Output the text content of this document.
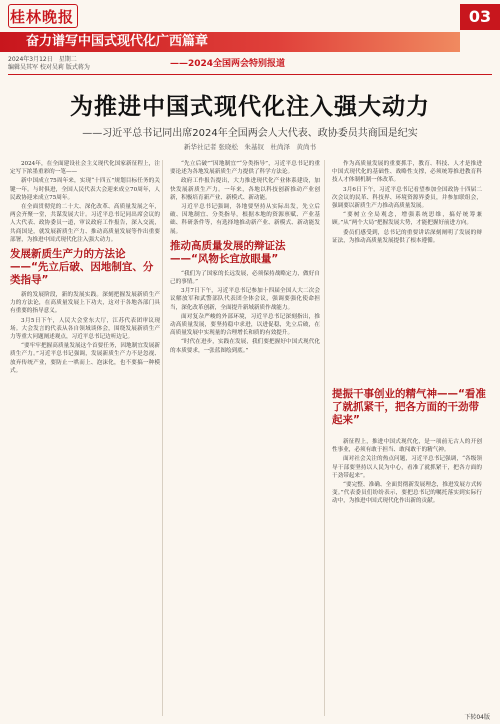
桂林晚报	03
奋力谱写中国式现代化广西篇章
——2024全国两会特别报道
2024年3月12日　星期二
编辑吴其军 校对吴莉 版式蒋为
为推进中国式现代化注入强大动力
——习近平总书记同出席2024年全国两会人大代表、政协委员共商国是纪实
新华社记者 张晓松　朱基钗　杜尚泽　黄尚书

2024年，在全面建设社会主义现代化国家新征程上，注定写下浓墨重彩的一笔——

新中国成立75周年来，实现“十四五”规划目标任务的关键一年。与时俱进，全国人民代表大会迎来成立70周年，人民政协迎来成立75周年。

在全面贯彻党的二十大、深化改革、高质量发展之年，两会齐聚一堂，共谋发展大计。习近平总书记同出席会议的人大代表、政协委员一道，审议政府工作报告，深入交流，共商国是，就发展新质生产力、推动高质量发展等作出重要部署，为推进中国式现代化注入强大动力。

发展新质生产力的方法论——“先立后破、因地制宜、分类指导”

新的发展阶段，新的发展实践。深刻把握发展新质生产力的方法论，在高质量发展上下功夫，这对于各地各部门具有重要的指导意义。

3月5日下午，人民大会堂东大厅，江苏代表团审议现场。大会发言的代表从各自领域谈体会，围绕发展新质生产力等重大问题阐述观点，习近平总书记边听边记。

“要牢牢把握高质量发展这个首要任务，因地制宜发展新质生产力。”习近平总书记强调，发展新质生产力不是忽视、放弃传统产业，要防止一哄而上、泡沫化，也不要搞一种模式。

“先立后破”“因地制宜”“分类指导”，习近平总书记的重要论述为各地发展新质生产力提供了科学方法论。

政府工作报告提出，大力推进现代化产业体系建设，加快发展新质生产力。一年来，各地以科技创新推动产业创新，积极培育新产业、新模式、新动能。

习近平总书记强调，各地要坚持从实际出发，先立后破、因地制宜、分类指导，根据本地的资源禀赋、产业基础、科研条件等，有选择地推动新产业、新模式、新动能发展。

推动高质量发展的辩证法——“风物长宜放眼量”

“我们为了国家的长远发展，必须保持战略定力，做好自己的事情。”

3月7日下午，习近平总书记参加十四届全国人大二次会议解放军和武警部队代表团全体会议，强调要强化使命担当，深化改革创新，全面提升新域新质作战能力。

面对复杂严峻的外部环境，习近平总书记深刻指出，推动高质量发展，要坚持稳中求进，以进促稳，先立后破，在高质量发展中实现量的合理增长和质的有效提升。

“时代在进步，实践在发展，我们要把握好中国式现代化的本质要求，一张蓝图绘到底。”

作为高质量发展的重要抓手，教育、科技、人才是推进中国式现代化的基础性、战略性支撑，必须统筹推进教育科技人才体制机制一体改革。

3月6日下午，习近平总书记看望参加全国政协十四届二次会议的民革、科技界、环境资源界委员，并参加联组会，强调要以新质生产力推动高质量发展。

“要树立全局观念，增强系统思维，搞好统筹兼顾。”从“两个大局”把握发展大势，才能把握好前进方向。

委员们感受到，总书记的重要讲话深刻阐明了发展的辩证法，为推动高质量发展提供了根本遵循。

提振干事创业的精气神——“看准了就抓紧干，把各方面的干劲带起来”

新征程上，推进中国式现代化，是一项前无古人的开创性事业，必须有敢于担当、敢闯敢干的精气神。

面对社会关注的热点问题，习近平总书记强调，“各级领导干部要坚持以人民为中心，看准了就抓紧干，把各方面的干劲带起来”。

“要完整、准确、全面贯彻新发展理念，推进发展方式转变。”代表委员们纷纷表示，要把总书记的嘱托落实到实际行动中，为推进中国式现代化作出新的贡献。

下转04版
